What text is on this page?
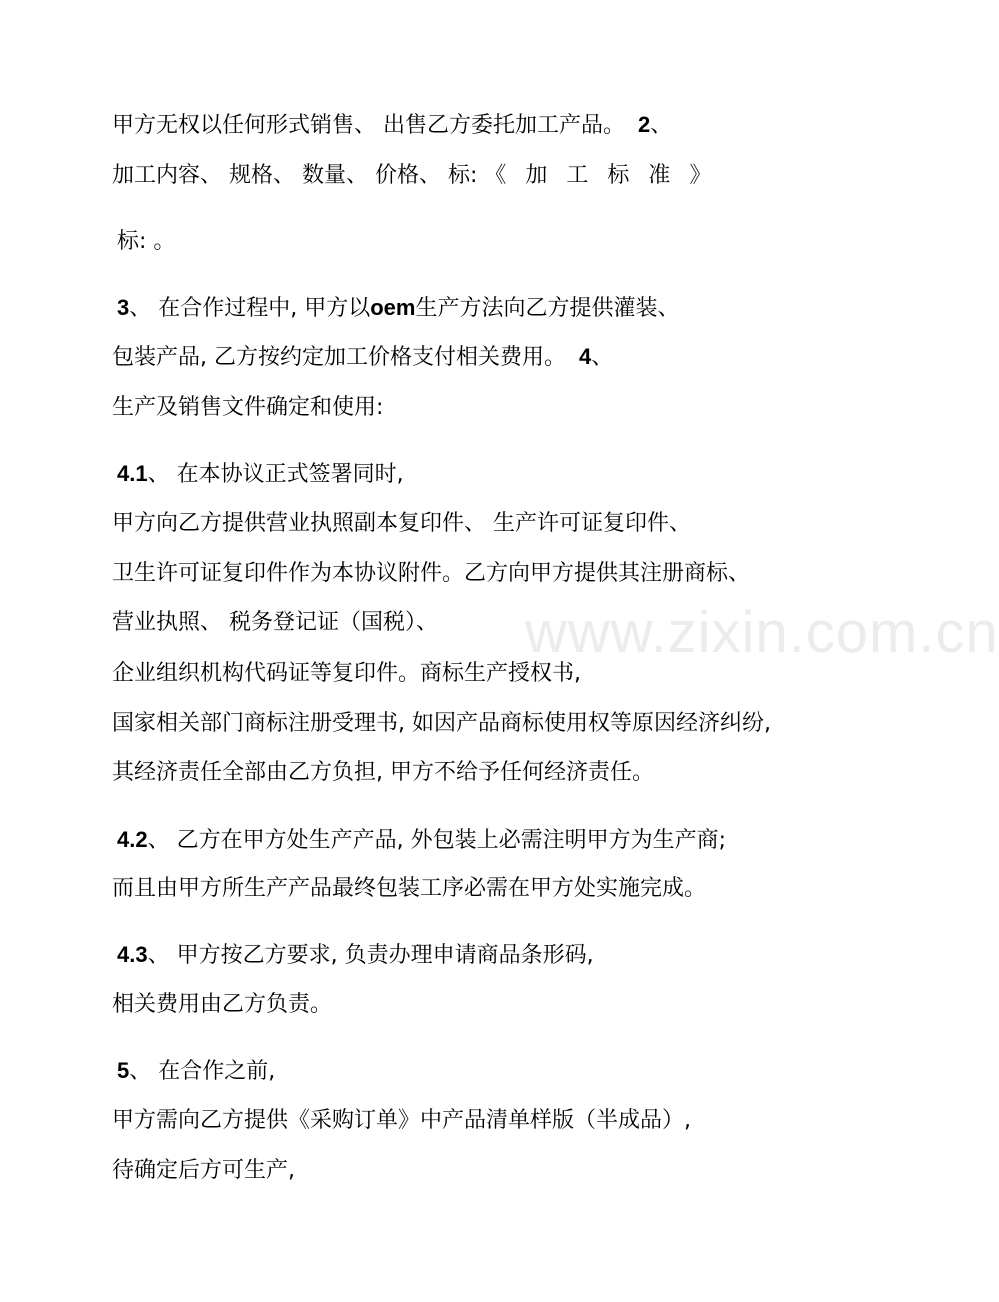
www.zixin.com.cn
甲方无权以任何形式销售、 出售乙方委托加工产品。 2、
加工内容、 规格、 数量、 价格、 标: 《 加 工 标 准 》
标: 。
3、 在合作过程中, 甲方以oem生产方法向乙方提供灌装、
包装产品, 乙方按约定加工价格支付相关费用。 4、
生产及销售文件确定和使用:
4.1、 在本协议正式签署同时,
甲方向乙方提供营业执照副本复印件、 生产许可证复印件、
卫生许可证复印件作为本协议附件。乙方向甲方提供其注册商标、
营业执照、 税务登记证（国税）、
企业组织机构代码证等复印件。商标生产授权书,
国家相关部门商标注册受理书, 如因产品商标使用权等原因经济纠纷,
其经济责任全部由乙方负担, 甲方不给予任何经济责任。
4.2、 乙方在甲方处生产产品, 外包装上必需注明甲方为生产商;
而且由甲方所生产产品最终包装工序必需在甲方处实施完成。
4.3、 甲方按乙方要求, 负责办理申请商品条形码,
相关费用由乙方负责。
5、 在合作之前,
甲方需向乙方提供《采购订单》中产品清单样版（半成品）,
待确定后方可生产,
